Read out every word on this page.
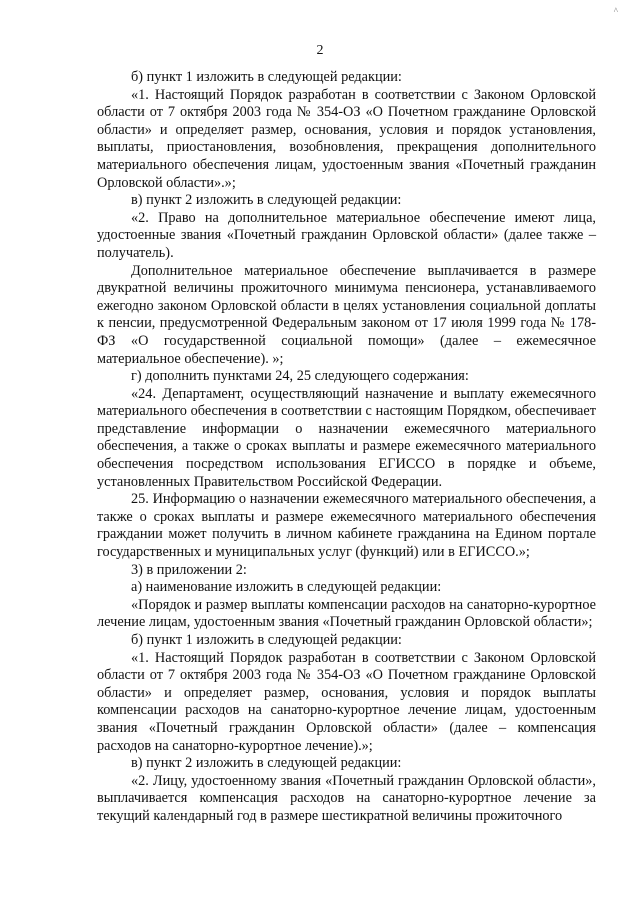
^
2

б) пункт 1 изложить в следующей редакции:

«1. Настоящий Порядок разработан в соответствии с Законом Орловской области от 7 октября 2003 года № 354-ОЗ «О Почетном гражданине Орловской области» и определяет размер, основания, условия и порядок установления, выплаты, приостановления, возобновления, прекращения дополнительного материального обеспечения лицам, удостоенным звания «Почетный гражданин Орловской области».»;

в) пункт 2 изложить в следующей редакции:

«2. Право на дополнительное материальное обеспечение имеют лица, удостоенные звания «Почетный гражданин Орловской области» (далее также – получатель).

Дополнительное материальное обеспечение выплачивается в размере двукратной величины прожиточного минимума пенсионера, устанавливаемого ежегодно законом Орловской области в целях установления социальной доплаты к пенсии, предусмотренной Федеральным законом от 17 июля 1999 года № 178-ФЗ «О государственной социальной помощи» (далее – ежемесячное материальное обеспечение). »;

г) дополнить пунктами 24, 25 следующего содержания:

«24. Департамент, осуществляющий назначение и выплату ежемесячного материального обеспечения в соответствии с настоящим Порядком, обеспечивает представление информации о назначении ежемесячного материального обеспечения, а также о сроках выплаты и размере ежемесячного материального обеспечения посредством использования ЕГИССО в порядке и объеме, установленных Правительством Российской Федерации.

25. Информацию о назначении ежемесячного материального обеспечения, а также о сроках выплаты и размере ежемесячного материального обеспечения граждании может получить в личном кабинете гражданина на Едином портале государственных и муниципальных услуг (функций) или в ЕГИССО.»;

3) в приложении 2:

а) наименование изложить в следующей редакции:

«Порядок и размер выплаты компенсации расходов на санаторно-курортное лечение лицам, удостоенным звания «Почетный гражданин Орловской области»;

б) пункт 1 изложить в следующей редакции:

«1. Настоящий Порядок разработан в соответствии с Законом Орловской области от 7 октября 2003 года № 354-ОЗ «О Почетном гражданине Орловской области» и определяет размер, основания, условия и порядок выплаты компенсации расходов на санаторно-курортное лечение лицам, удостоенным звания «Почетный гражданин Орловской области» (далее – компенсация расходов на санаторно-курортное лечение).»;

в) пункт 2 изложить в следующей редакции:

«2. Лицу, удостоенному звания «Почетный гражданин Орловской области», выплачивается компенсация расходов на санаторно-курортное лечение за текущий календарный год в размере шестикратной величины прожиточного
